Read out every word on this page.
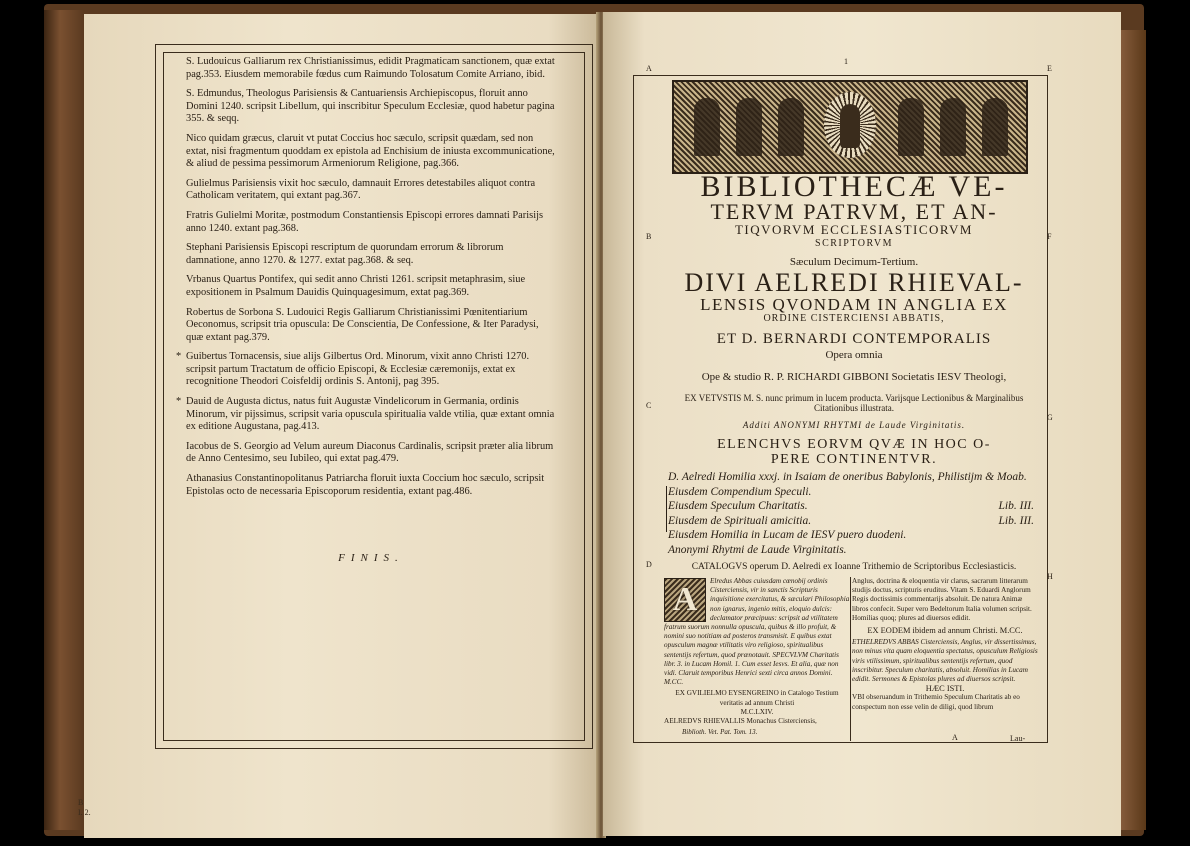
S. Ludouicus Galliarum rex Christianissimus, edidit Pragmaticam sanctionem, quæ extat pag.353. Eiusdem memorabile fœdus cum Raimundo Tolosatum Comite Arriano, ibid.

S. Edmundus, Theologus Parisiensis & Cantuariensis Archiepiscopus, floruit anno Domini 1240. scripsit Libellum, qui inscribitur Speculum Ecclesiæ, quod habetur pagina 355. & seqq.

Nico quidam græcus, claruit vt putat Coccius hoc sæculo, scripsit quædam, sed non extat, nisi fragmentum quoddam ex epistola ad Enchisium de iniusta excommunicatione, & aliud de pessima pessimorum Armeniorum Religione, pag.366.

Gulielmus Parisiensis vixit hoc sæculo, damnauit Errores detestabiles aliquot contra Catholicam veritatem, qui extant pag.367.

Fratris Gulielmi Moritæ, postmodum Constantiensis Episcopi errores damnati Parisijs anno 1240. extant pag.368.

Stephani Parisiensis Episcopi rescriptum de quorundam errorum & librorum damnatione, anno 1270. & 1277. extat pag.368. & seq.

Vrbanus Quartus Pontifex, qui sedit anno Christi 1261. scripsit metaphrasim, siue expositionem in Psalmum Dauidis Quinquagesimum, extat pag.369.

Robertus de Sorbona S. Ludouici Regis Galliarum Christianissimi Pœnitentiarium Oeconomus, scripsit tria opuscula: De Conscientia, De Confessione, & Iter Paradysi, quæ extant pag.379.

* Guibertus Tornacensis, siue alijs Gilbertus Ord. Minorum, vixit anno Christi 1270. scripsit partum Tractatum de officio Episcopi, & Ecclesiæ cæremonijs, extat ex recognitione Theodori Coisfeldij ordinis S. Antonij, pag 395.

* Dauid de Augusta dictus, natus fuit Augustæ Vindelicorum in Germania, ordinis Minorum, vir pijssimus, scripsit varia opuscula spiritualia valde vtilia, quæ extant omnia ex editione Augustana, pag.413.

Iacobus de S. Georgio ad Velum aureum Diaconus Cardinalis, scripsit præter alia librum de Anno Centesimo, seu Iubileo, qui extat pag.479.

Athanasius Constantinopolitanus Patriarcha floruit iuxta Coccium hoc sæculo, scripsit Epistolas octo de necessaria Episcoporum residentia, extant pag.486.

FINIS.
B
I. 2.
1
A
B
C
D
E
F
G
H
BIBLIOTHECÆ VE-
TERVM PATRVM, ET AN-
TIQVORVM ECCLESIASTICORVM
SCRIPTORVM
Sæculum Decimum-Tertium.
DIVI AELREDI RHIEVAL-
LENSIS QVONDAM IN ANGLIA EX
ORDINE CISTERCIENSI ABBATIS,
ET D. BERNARDI CONTEMPORALIS
Opera omnia
Ope & studio R. P. RICHARDI GIBBONI Societatis IESV Theologi,
EX VETVSTIS M. S. nunc primum in lucem producta. Varijsque Lectionibus & Marginalibus Citationibus illustrata.
Additi ANONYMI RHYTMI de Laude Virginitatis.
ELENCHVS EORVM QVÆ IN HOC O-
PERE CONTINENTVR.
D. Aelredi Homilia xxxj. in Isaiam de oneribus Babylonis, Philistijm & Moab.
Eiusdem Compendium Speculi.
Eiusdem Speculum Charitatis.	Lib. III.
Eiusdem de Spirituali amicitia.	Lib. III.
Eiusdem Homilia in Lucam de IESV puero duodeni.
Anonymi Rhytmi de Laude Virginitatis.
CATALOGVS operum D. Aelredi ex Ioanne Trithemio de Scriptoribus Ecclesiasticis.
A	Elredus Abbas cuiusdam cœnobij ordinis Cisterciensis, vir in sanctis Scripturis inquisitione exercitatus, & sæculari Philosophia non ignarus, ingenio mitis, eloquio dulcis: declamator præcipuus: scripsit ad vtilitatem fratrum suorum nonnulla opuscula, quibus & illo profuit, & nomini suo notitiam ad posteros transmisit. E quibus extat opusculum magnæ vtilitatis viro religioso, spiritualibus sententijs refertum, quod prænotauit. SPECVLVM Charitatis libr. 3. in Lucam Homil. 1. Cum esset Iesvs. Et alia, quæ non vidi. Claruit temporibus Henrici sexti circa annos Domini. M.CC.
EX GVILIELMO EYSENGREINO in Catalogo Testium veritatis ad annum Christi
M.C.LXIV.
AELREDVS RHIEVALLIS Monachus Cisterciensis,
Anglus, doctrina & eloquentia vir clarus, sacrarum litterarum studijs doctus, scripturis eruditus. Vitam S. Eduardi Anglorum Regis doctissimis commentarijs absoluit. De natura Animæ libros confecit. Super vero Bedeltorum Italia volumen scripsit. Homilias quoq; plures ad diuersos edidit.
EX EODEM ibidem ad annum Christi. M.CC.
ETHELREDVS ABBAS Cisterciensis, Anglus, vir dissertissimus, non minus vita quam eloquentia spectatus, opusculum Religiosis viris vtilissimum, spiritualibus sententijs refertum, quod inscribitur. Speculum charitatis, absoluit. Homilias in Lucam edidit. Sermones & Epistolas plures ad diuersos scripsit.
HÆC ISTI.
VBI obseruandum in Trithemio Speculum Charitatis ab eo conspectum non esse velin de diligi, quod librum
Biblioth. Vet. Pat. Tom. 13.
A	Lau-
